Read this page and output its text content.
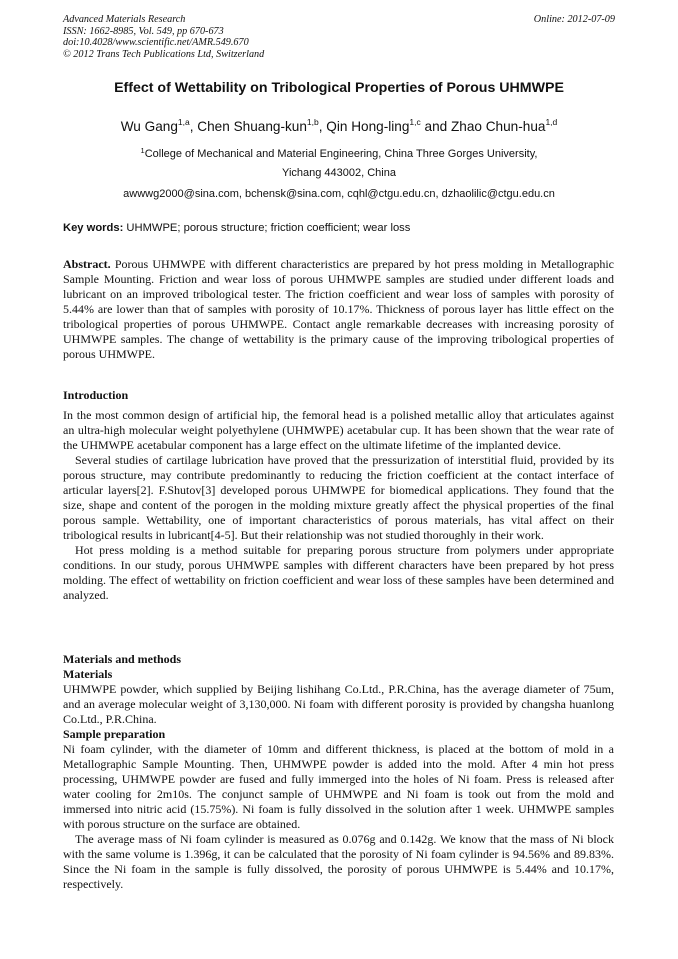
Advanced Materials Research
ISSN: 1662-8985, Vol. 549, pp 670-673
doi:10.4028/www.scientific.net/AMR.549.670
© 2012 Trans Tech Publications Ltd, Switzerland
Online: 2012-07-09
Effect of Wettability on Tribological Properties of Porous UHMWPE
Wu Gang$^{1,a}$, Chen Shuang-kun$^{1,b}$, Qin Hong-ling$^{1,c}$ and Zhao Chun-hua$^{1,d}$
$^1$College of Mechanical and Material Engineering, China Three Gorges University,
Yichang 443002, China
awwwg2000@sina.com, bchensk@sina.com, cqhl@ctgu.edu.cn, dzhaolilic@ctgu.edu.cn
Key words: UHMWPE; porous structure; friction coefficient; wear loss

Abstract. Porous UHMWPE with different characteristics are prepared by hot press molding in Metallographic Sample Mounting. Friction and wear loss of porous UHMWPE samples are studied under different loads and lubricant on an improved tribological tester. The friction coefficient and wear loss of samples with porosity of 5.44% are lower than that of samples with porosity of 10.17%. Thickness of porous layer has little effect on the tribological properties of porous UHMWPE. Contact angle remarkable decreases with increasing porosity of UHMWPE samples. The change of wettability is the primary cause of the improving tribological properties of porous UHMWPE.

Introduction

In the most common design of artificial hip, the femoral head is a polished metallic alloy that articulates against an ultra-high molecular weight polyethylene (UHMWPE) acetabular cup. It has been shown that the wear rate of the UHMWPE acetabular component has a large effect on the ultimate lifetime of the implanted device.

Several studies of cartilage lubrication have proved that the pressurization of interstitial fluid, provided by its porous structure, may contribute predominantly to reducing the friction coefficient at the contact interface of articular layers[2]. F.Shutov[3] developed porous UHMWPE for biomedical applications. They found that the size, shape and content of the porogen in the molding mixture greatly affect the physical properties of the final porous sample. Wettability, one of important characteristics of porous materials, has vital affect on their tribological results in lubricant[4-5]. But their relationship was not studied thoroughly in their work.

Hot press molding is a method suitable for preparing porous structure from polymers under appropriate conditions. In our study, porous UHMWPE samples with different characters have been prepared by hot press molding. The effect of wettability on friction coefficient and wear loss of these samples have been determined and analyzed.

Materials and methods

Materials

UHMWPE powder, which supplied by Beijing lishihang Co.Ltd., P.R.China, has the average diameter of 75um, and an average molecular weight of 3,130,000. Ni foam with different porosity is provided by changsha huanlong Co.Ltd., P.R.China.

Sample preparation

Ni foam cylinder, with the diameter of 10mm and different thickness, is placed at the bottom of mold in a Metallographic Sample Mounting. Then, UHMWPE powder is added into the mold. After 4 min hot press processing, UHMWPE powder are fused and fully immerged into the holes of Ni foam. Press is released after water cooling for 2m10s. The conjunct sample of UHMWPE and Ni foam is took out from the mold and immersed into nitric acid (15.75%). Ni foam is fully dissolved in the solution after 1 week. UHMWPE samples with porous structure on the surface are obtained.

The average mass of Ni foam cylinder is measured as 0.076g and 0.142g. We know that the mass of Ni block with the same volume is 1.396g, it can be calculated that the porosity of Ni foam cylinder is 94.56% and 89.83%. Since the Ni foam in the sample is fully dissolved, the porosity of porous UHMWPE is 5.44% and 10.17%, respectively.
